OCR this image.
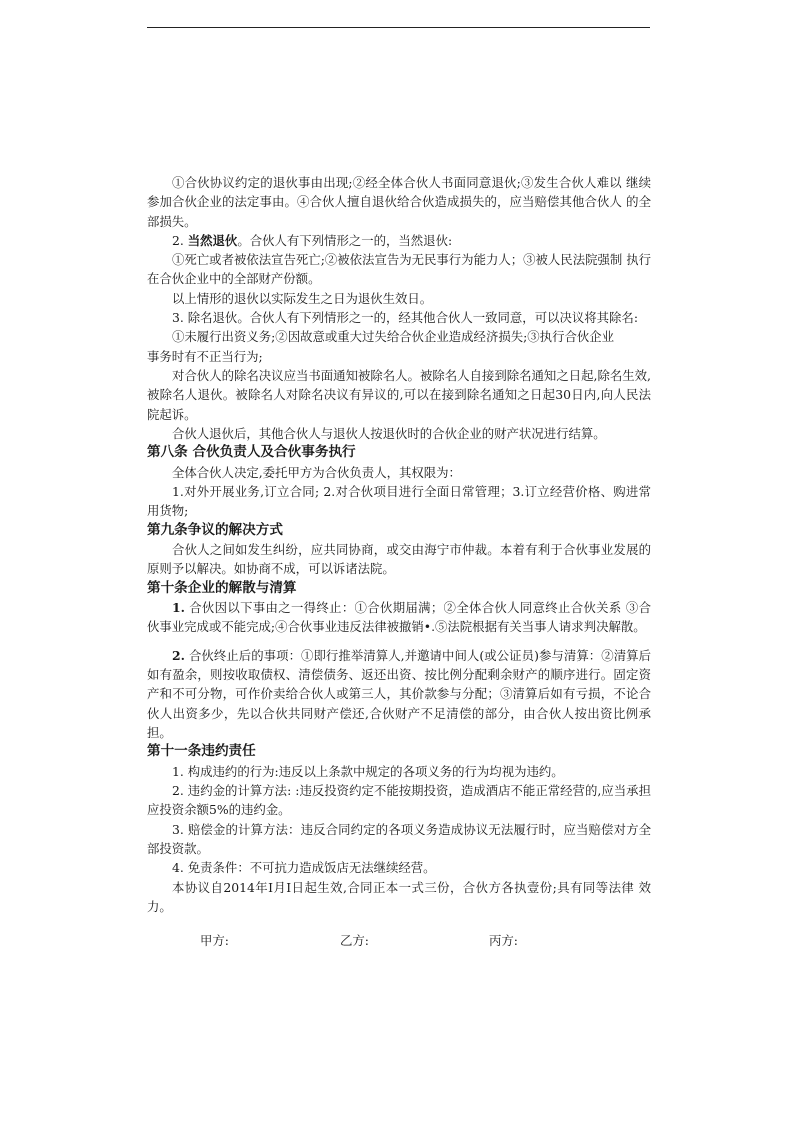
①合伙协议约定的退伙事由出现;②经全体合伙人书面同意退伙;③发生合伙人难以 继续参加合伙企业的法定事由。④合伙人擅自退伙给合伙造成损失的，应当赔偿其他合伙人 的全部损失。

2. 当然退伙。合伙人有下列情形之一的，当然退伙:

①死亡或者被依法宣告死亡;②被依法宣告为无民事行为能力人；③被人民法院强制 执行在合伙企业中的全部财产份额。

以上情形的退伙以实际发生之日为退伙生效日。

3. 除名退伙。合伙人有下列情形之一的，经其他合伙人一致同意，可以决议将其除名:

①未履行出资义务;②因故意或重大过失给合伙企业造成经济损失;③执行合伙企业

事务时有不正当行为;

对合伙人的除名决议应当书面通知被除名人。被除名人自接到除名通知之日起,除名生效,被除名人退伙。被除名人对除名决议有异议的,可以在接到除名通知之日起30日内,向人民法院起诉。

合伙人退伙后，其他合伙人与退伙人按退伙时的合伙企业的财产状况进行结算。

第八条 合伙负责人及合伙事务执行

全体合伙人决定,委托甲方为合伙负责人，其权限为：

1.对外开展业务,订立合同; 2.对合伙项目进行全面日常管理；3.订立经营价格、购进常用货物;

第九条争议的解决方式

合伙人之间如发生纠纷，应共同协商，或交由海宁市仲裁。本着有利于合伙事业发展的原则予以解决。如协商不成，可以诉诸法院。

第十条企业的解散与清算

1. 合伙因以下事由之一得终止：①合伙期届满；②全体合伙人同意终止合伙关系 ③合 伙事业完成或不能完成;④合伙事业违反法律被撤销•.⑤法院根据有关当事人请求判决解散。

2. 合伙终止后的事项：①即行推举清算人,并邀请中间人(或公证员)参与清算：②清算后如有盈余，则按收取债权、清偿债务、返还出资、按比例分配剩余财产的顺序进行。固定资产和不可分物，可作价卖给合伙人或第三人，其价款参与分配；③清算后如有亏损，不论合伙人出资多少，先以合伙共同财产偿还,合伙财产不足清偿的部分，由合伙人按出资比例承担。

第十一条违约责任

1. 构成违约的行为:违反以上条款中规定的各项义务的行为均视为违约。

2. 违约金的计算方法: :违反投资约定不能按期投资，造成酒店不能正常经营的,应当承担应投资余额5%的违约金。

3. 赔偿金的计算方法：违反合同约定的各项义务造成协议无法履行时，应当赔偿对方全 部投资款。

4. 免责条件：不可抗力造成饭店无法继续经营。

本协议自2014年I月I日起生效,合同正本一式三份，合伙方各执壹份;具有同等法律 效力。

甲方:	乙方:	丙方:
